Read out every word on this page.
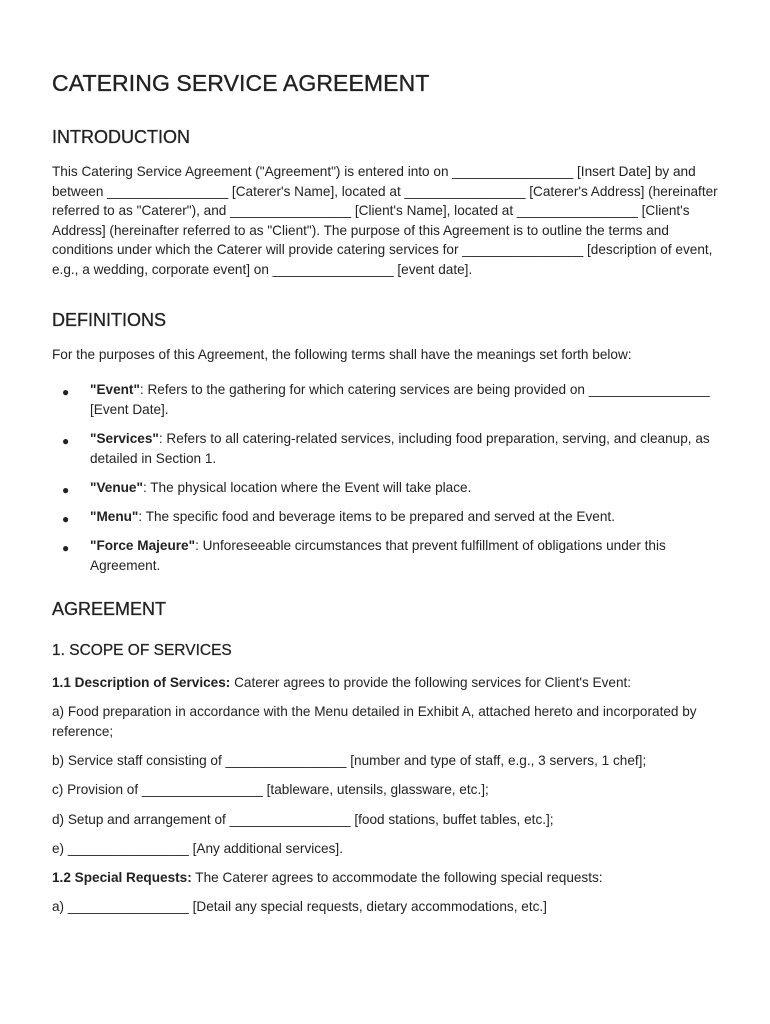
CATERING SERVICE AGREEMENT
INTRODUCTION

This Catering Service Agreement ("Agreement") is entered into on ________________ [Insert Date] by and between ________________ [Caterer's Name], located at ________________ [Caterer's Address] (hereinafter referred to as "Caterer"), and ________________ [Client's Name], located at ________________ [Client's Address] (hereinafter referred to as "Client"). The purpose of this Agreement is to outline the terms and conditions under which the Caterer will provide catering services for ________________ [description of event, e.g., a wedding, corporate event] on ________________ [event date].

DEFINITIONS

For the purposes of this Agreement, the following terms shall have the meanings set forth below:

● "Event": Refers to the gathering for which catering services are being provided on ________________ [Event Date].
● "Services": Refers to all catering-related services, including food preparation, serving, and cleanup, as detailed in Section 1.
● "Venue": The physical location where the Event will take place.
● "Menu": The specific food and beverage items to be prepared and served at the Event.
● "Force Majeure": Unforeseeable circumstances that prevent fulfillment of obligations under this Agreement.
AGREEMENT
1. SCOPE OF SERVICES

1.1 Description of Services: Caterer agrees to provide the following services for Client's Event:

a) Food preparation in accordance with the Menu detailed in Exhibit A, attached hereto and incorporated by reference;

b) Service staff consisting of ________________ [number and type of staff, e.g., 3 servers, 1 chef];

c) Provision of ________________ [tableware, utensils, glassware, etc.];

d) Setup and arrangement of ________________ [food stations, buffet tables, etc.];

e) ________________ [Any additional services].

1.2 Special Requests: The Caterer agrees to accommodate the following special requests:

a) ________________ [Detail any special requests, dietary accommodations, etc.]
